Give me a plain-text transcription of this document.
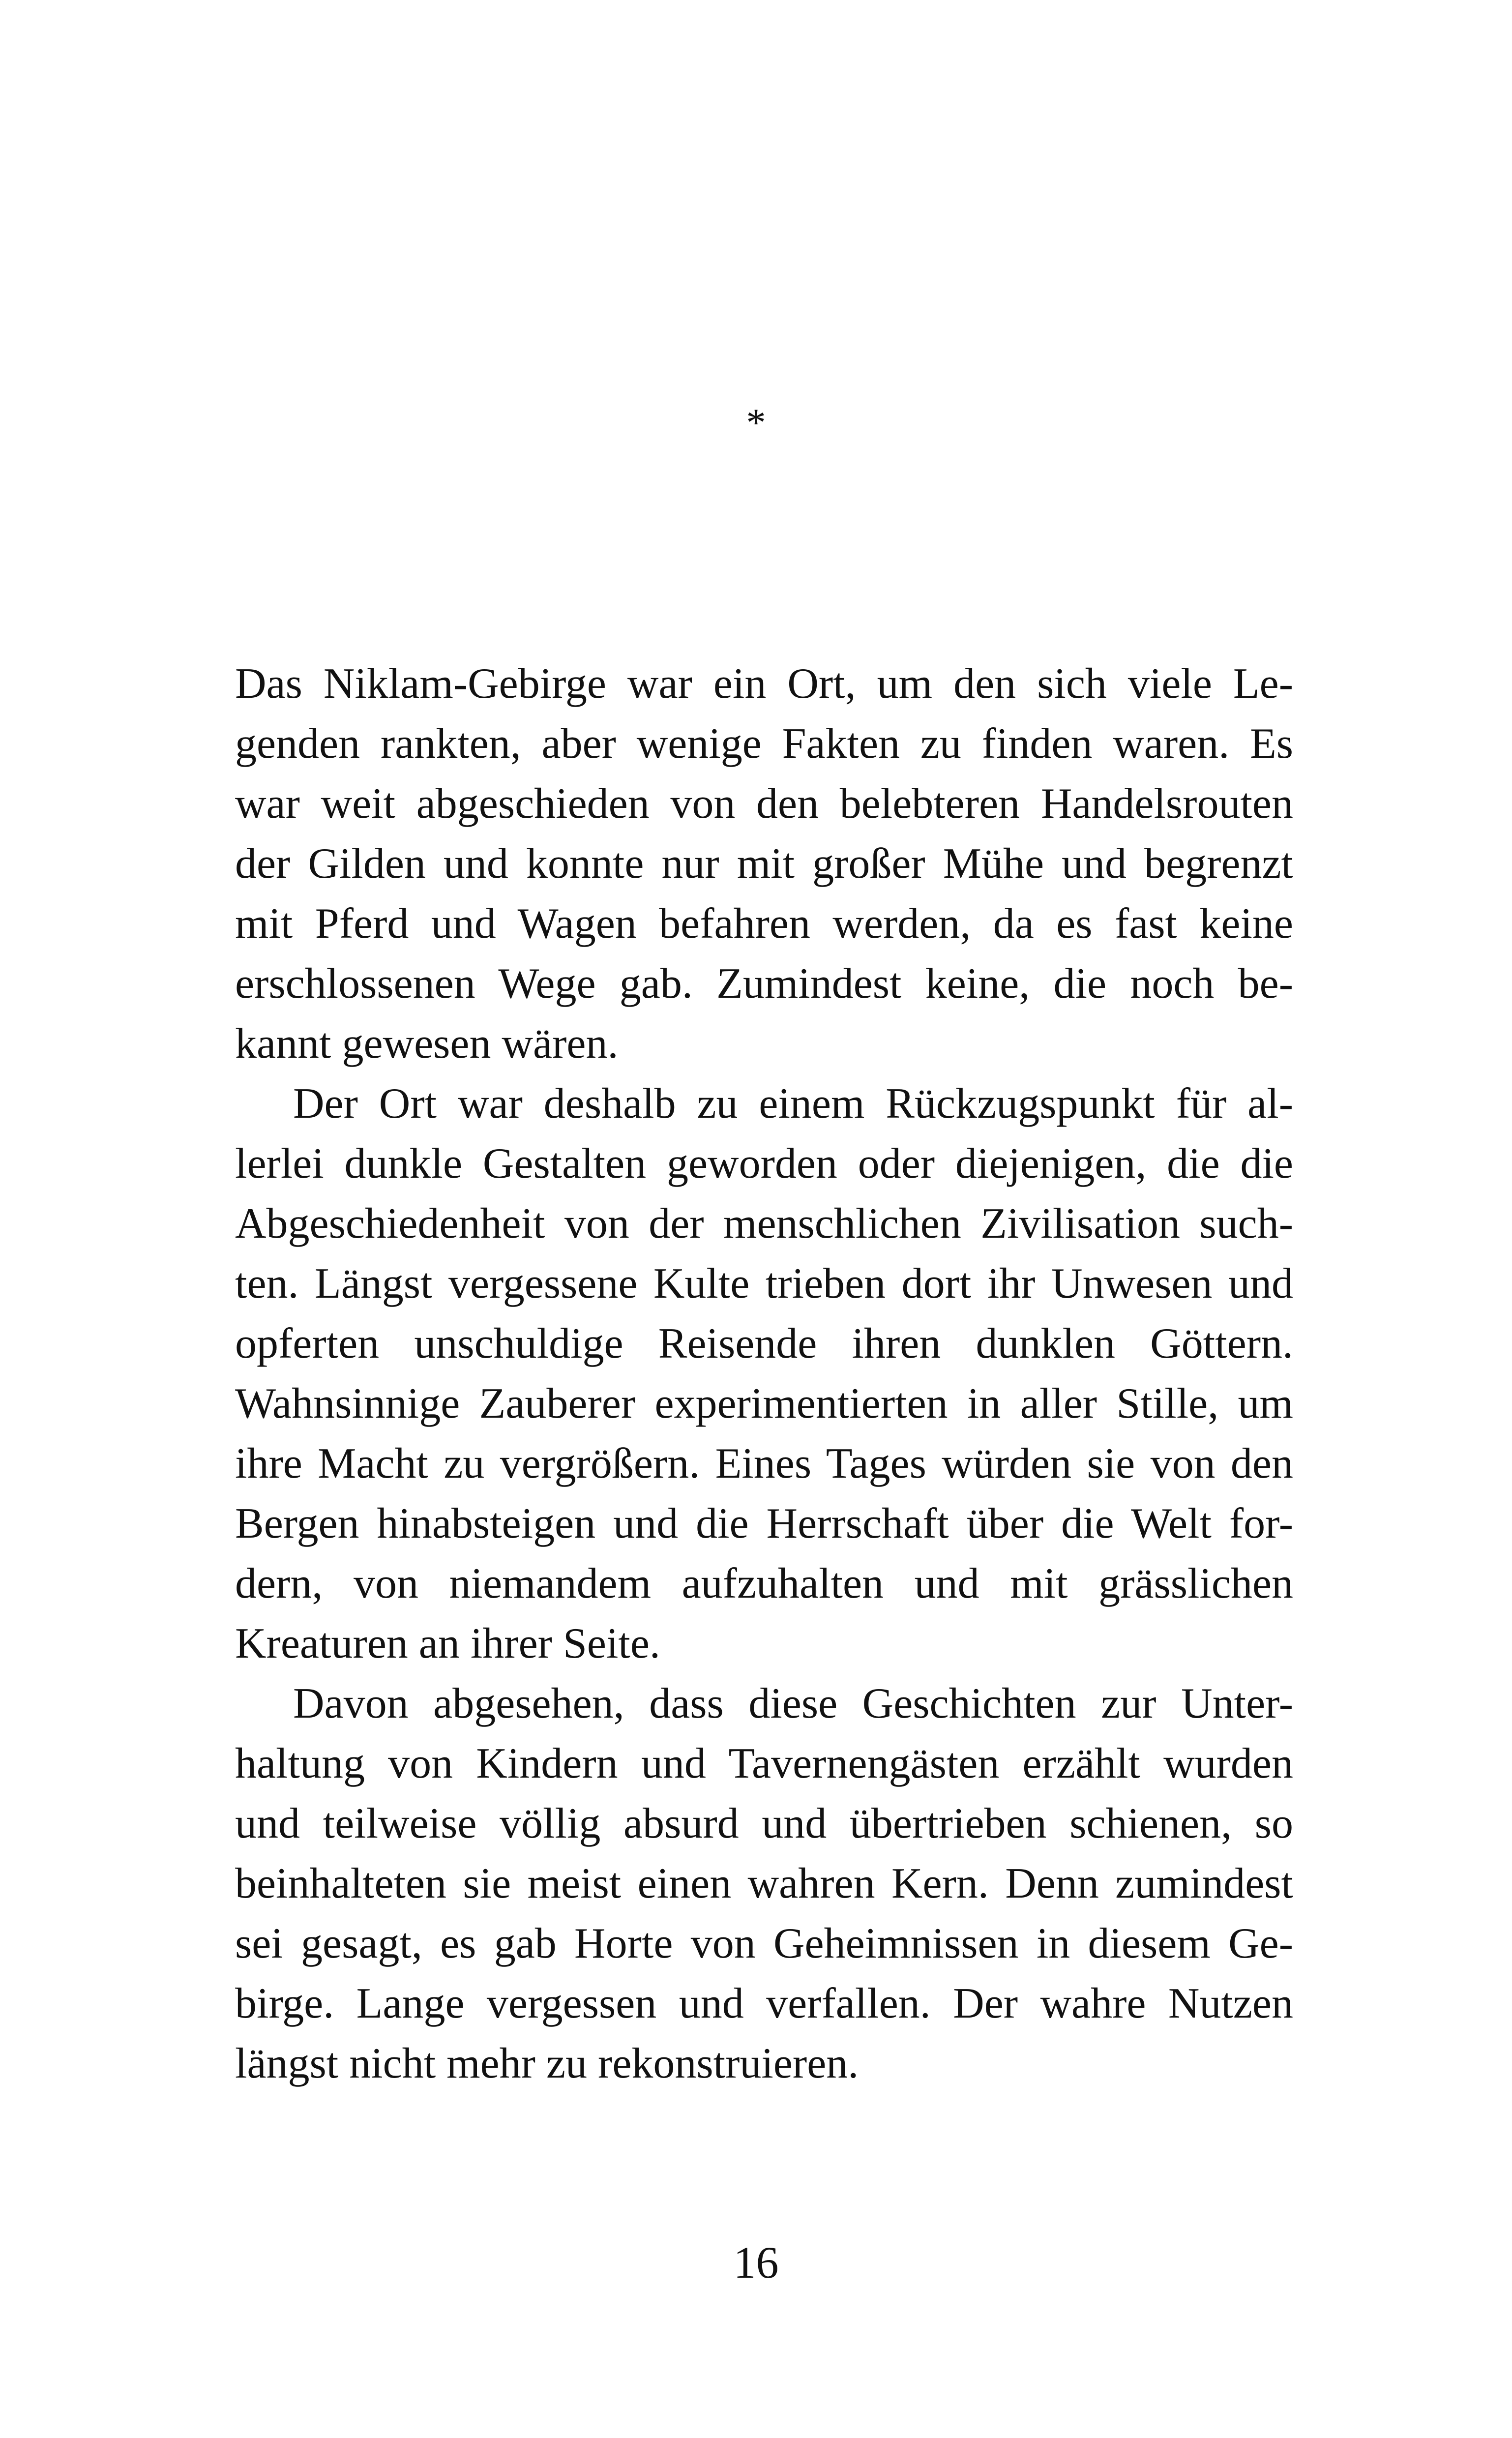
*
Das Niklam-Gebirge war ein Ort, um den sich viele Le-
genden rankten, aber wenige Fakten zu finden waren. Es
war weit abgeschieden von den belebteren Handelsrouten
der Gilden und konnte nur mit großer Mühe und begrenzt
mit Pferd und Wagen befahren werden, da es fast keine
erschlossenen Wege gab. Zumindest keine, die noch be-
kannt gewesen wären.
Der Ort war deshalb zu einem Rückzugspunkt für al-
lerlei dunkle Gestalten geworden oder diejenigen, die die
Abgeschiedenheit von der menschlichen Zivilisation such-
ten. Längst vergessene Kulte trieben dort ihr Unwesen und
opferten unschuldige Reisende ihren dunklen Göttern.
Wahnsinnige Zauberer experimentierten in aller Stille, um
ihre Macht zu vergrößern. Eines Tages würden sie von den
Bergen hinabsteigen und die Herrschaft über die Welt for-
dern, von niemandem aufzuhalten und mit grässlichen
Kreaturen an ihrer Seite.
Davon abgesehen, dass diese Geschichten zur Unter-
haltung von Kindern und Tavernengästen erzählt wurden
und teilweise völlig absurd und übertrieben schienen, so
beinhalteten sie meist einen wahren Kern. Denn zumindest
sei gesagt, es gab Horte von Geheimnissen in diesem Ge-
birge. Lange vergessen und verfallen. Der wahre Nutzen
längst nicht mehr zu rekonstruieren.
16
